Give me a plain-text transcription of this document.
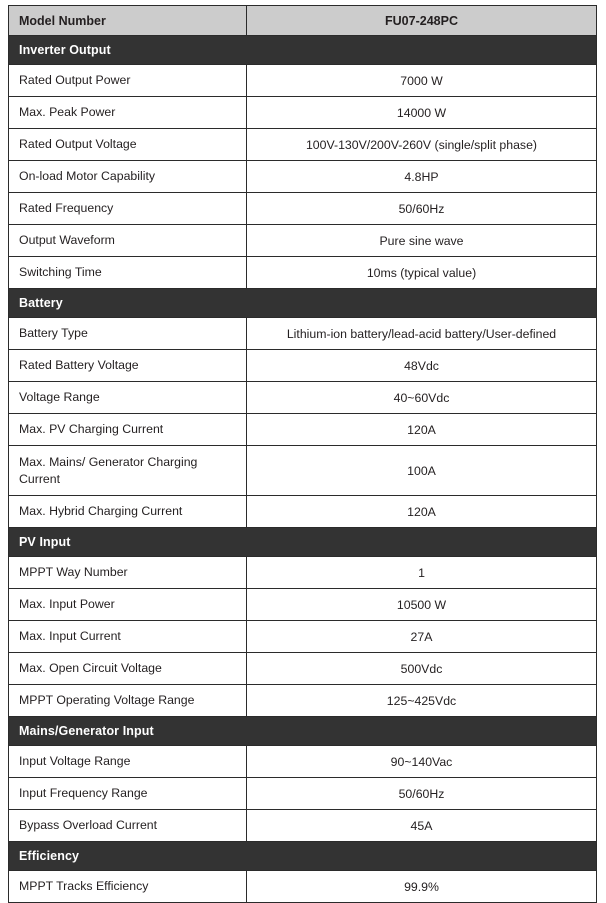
Model Number	FU07-248PC
Inverter Output	
Rated Output Power	7000 W
Max. Peak Power	14000 W
Rated Output Voltage	100V-130V/200V-260V (single/split phase)
On-load Motor Capability	4.8HP
Rated Frequency	50/60Hz
Output Waveform	Pure sine wave
Switching Time	10ms (typical value)
Battery	
Battery Type	Lithium-ion battery/lead-acid battery/User-defined
Rated Battery Voltage	48Vdc
Voltage Range	40~60Vdc
Max. PV Charging Current	120A
Max. Mains/ Generator Charging Current	100A
Max. Hybrid Charging Current	120A
PV Input	
MPPT Way Number	1
Max. Input Power	10500 W
Max. Input Current	27A
Max. Open Circuit Voltage	500Vdc
MPPT Operating Voltage Range	125~425Vdc
Mains/Generator Input	
Input Voltage Range	90~140Vac
Input Frequency Range	50/60Hz
Bypass Overload Current	45A
Efficiency	
MPPT Tracks Efficiency	99.9%
